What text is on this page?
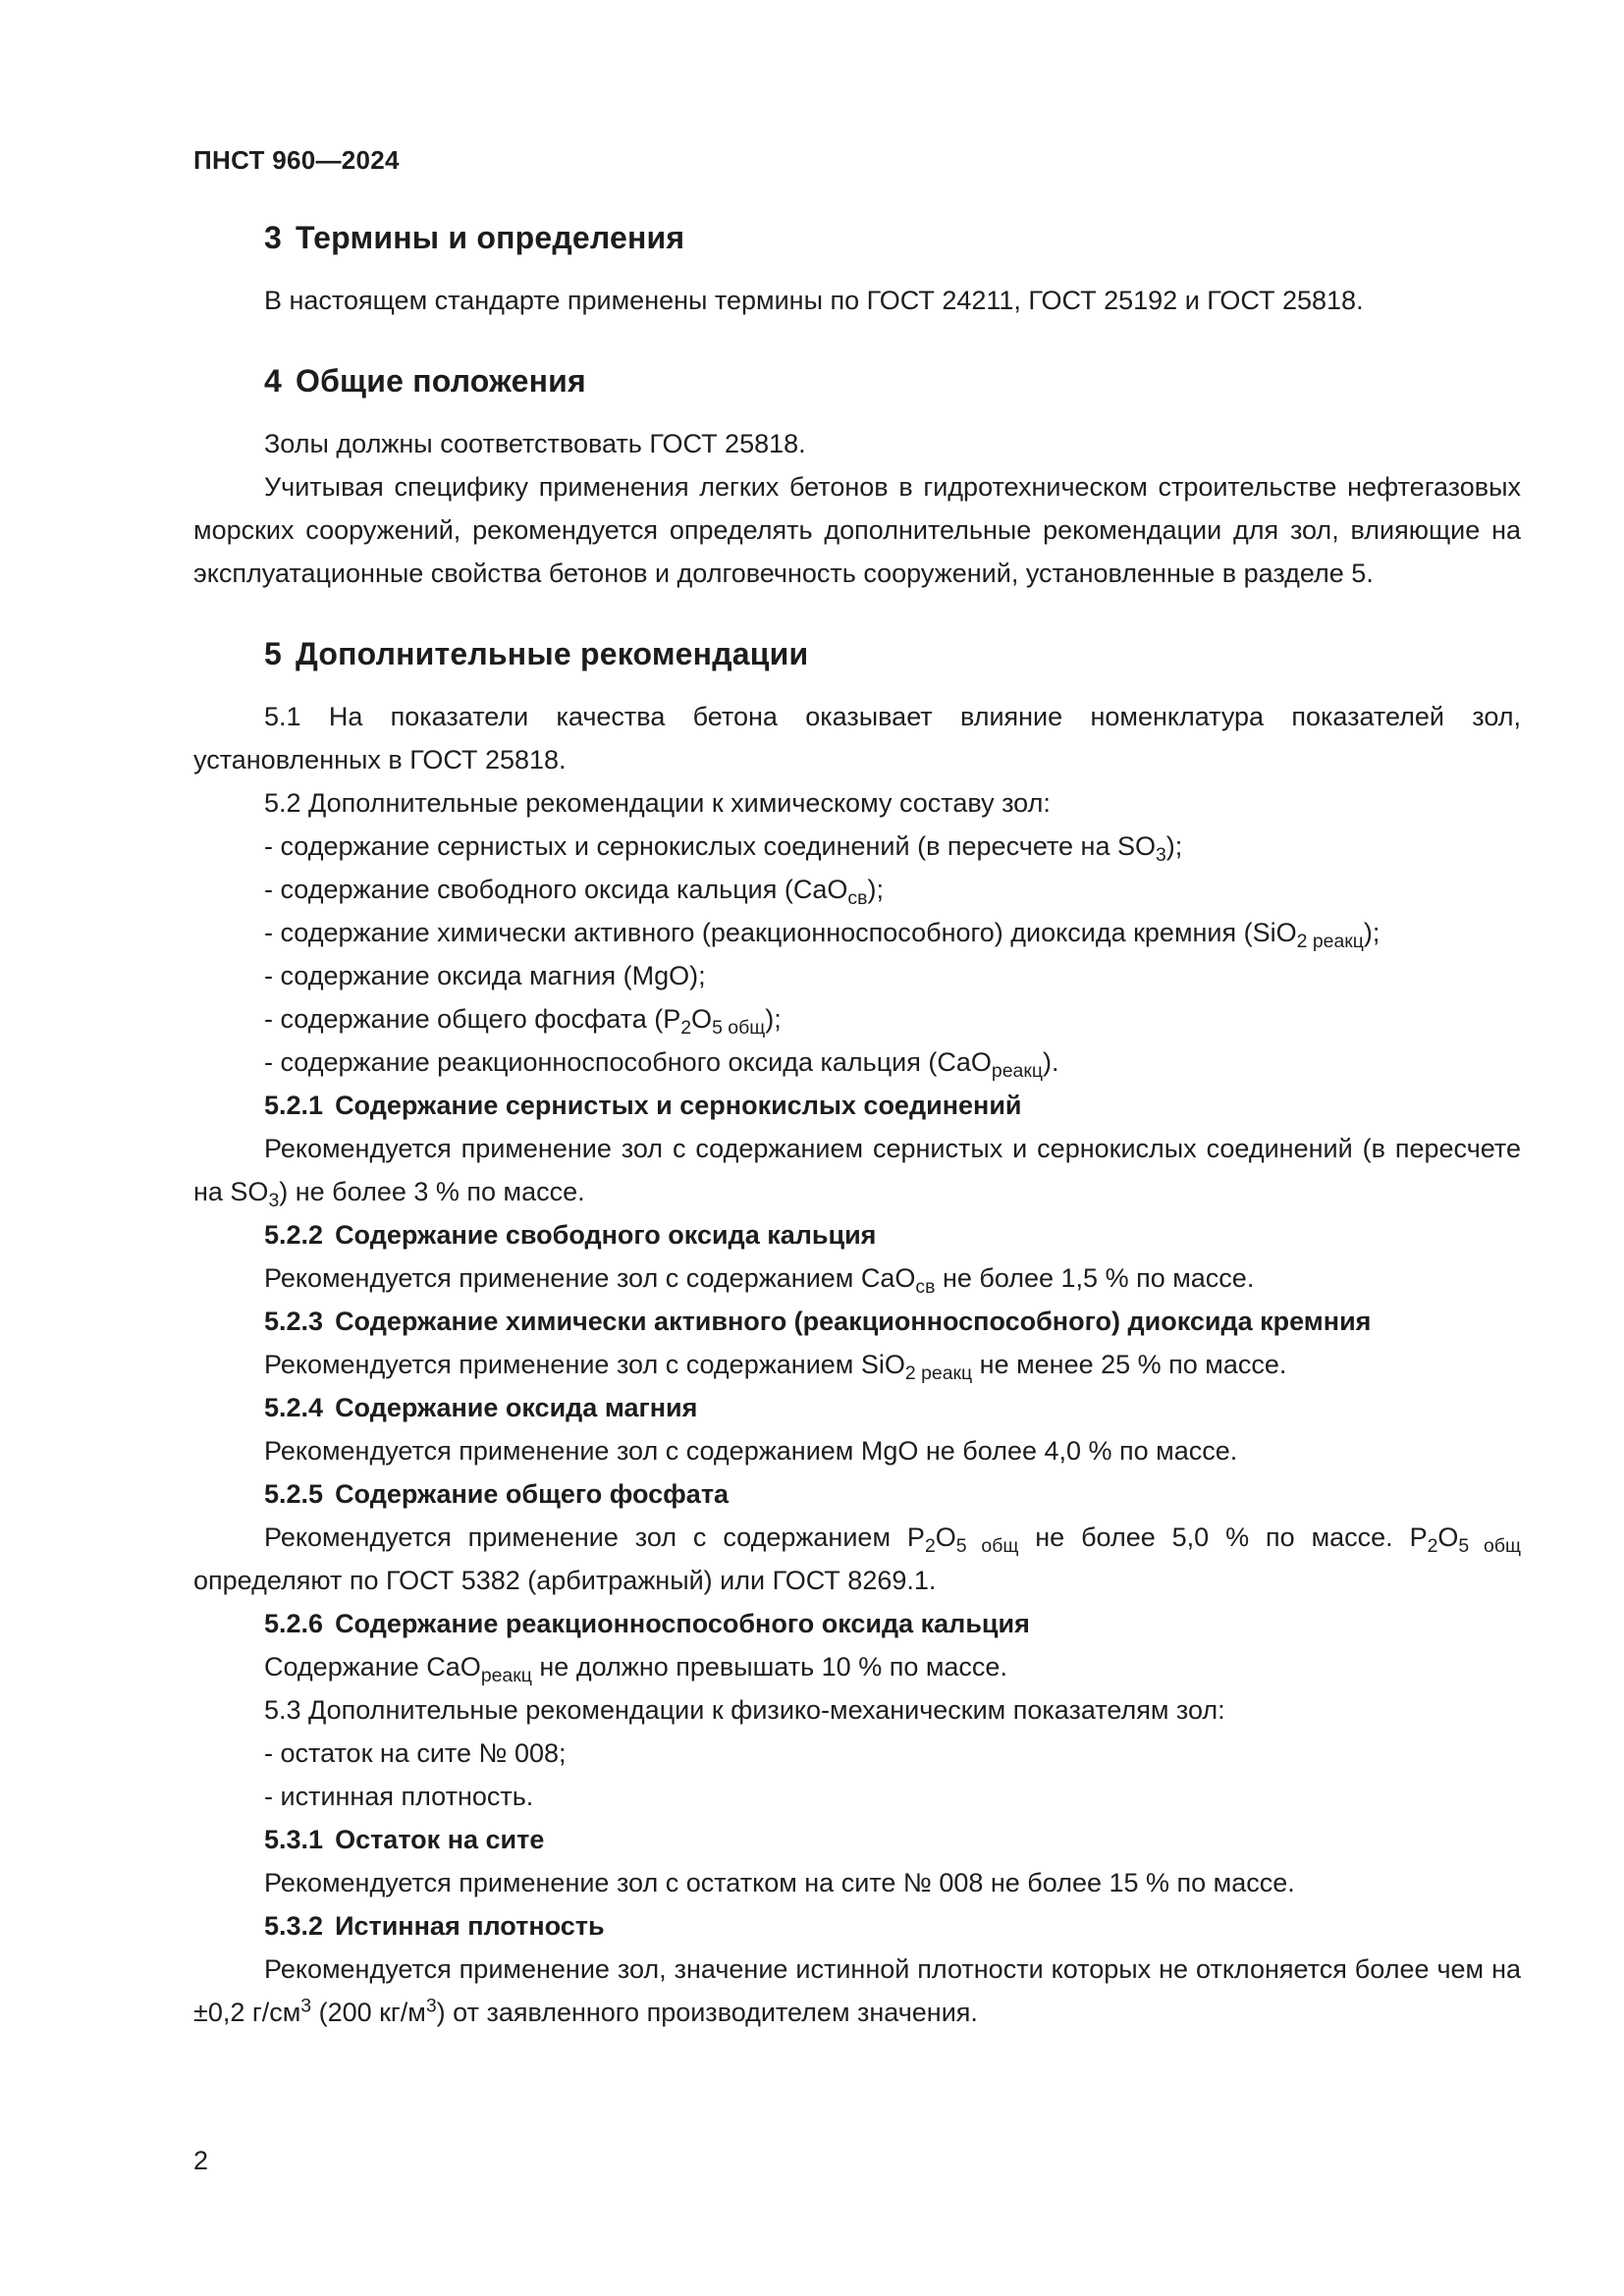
ПНСТ 960—2024
3 Термины и определения

В настоящем стандарте применены термины по ГОСТ 24211, ГОСТ 25192 и ГОСТ 25818.

4 Общие положения

Золы должны соответствовать ГОСТ 25818.

Учитывая специфику применения легких бетонов в гидротехническом строительстве нефтегазовых морских сооружений, рекомендуется определять дополнительные рекомендации для зол, влияющие на эксплуатационные свойства бетонов и долговечность сооружений, установленные в разделе 5.

5 Дополнительные рекомендации

5.1 На показатели качества бетона оказывает влияние номенклатура показателей зол, установленных в ГОСТ 25818.

5.2 Дополнительные рекомендации к химическому составу зол:

- содержание сернистых и сернокислых соединений (в пересчете на $SO_3$);

- содержание свободного оксида кальция (CaO$_{св}$);

- содержание химически активного (реакционноспособного) диоксида кремния (SiO$_{2 реакц}$);

- содержание оксида магния (MgO);

- содержание общего фосфата $(P_2O_{5 общ})$;

- содержание реакционноспособного оксида кальция (CaO$_{реакц}$).

5.2.1 Содержание сернистых и сернокислых соединений

Рекомендуется применение зол с содержанием сернистых и сернокислых соединений (в пересчете на $SO_3$) не более 3 % по массе.

5.2.2 Содержание свободного оксида кальция

Рекомендуется применение зол с содержанием CaO$_{св}$ не более 1,5 % по массе.

5.2.3 Содержание химически активного (реакционноспособного) диоксида кремния

Рекомендуется применение зол с содержанием SiO$_{2 реакц}$ не менее 25 % по массе.

5.2.4 Содержание оксида магния

Рекомендуется применение зол с содержанием MgO не более 4,0 % по массе.

5.2.5 Содержание общего фосфата

Рекомендуется применение зол с содержанием $P_2O_{5 общ}$ не более 5,0 % по массе. $P_2O_{5 общ}$ определяют по ГОСТ 5382 (арбитражный) или ГОСТ 8269.1.

5.2.6 Содержание реакционноспособного оксида кальция

Содержание CaO$_{реакц}$ не должно превышать 10 % по массе.

5.3 Дополнительные рекомендации к физико-механическим показателям зол:

- остаток на сите № 008;

- истинная плотность.

5.3.1 Остаток на сите

Рекомендуется применение зол с остатком на сите № 008 не более 15 % по массе.

5.3.2 Истинная плотность

Рекомендуется применение зол, значение истинной плотности которых не отклоняется более чем на ±0,2 $г/см^3$ (200 $кг/м^3$) от заявленного производителем значения.

2
